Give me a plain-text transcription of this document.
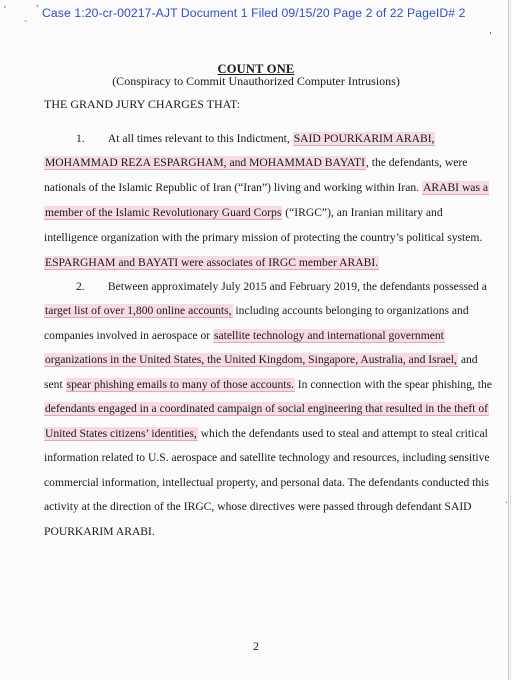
'	’
`	,
·
Case 1:20-cr-00217-AJT Document 1 Filed 09/15/20 Page 2 of 22 PageID# 2
COUNT ONE
(Conspiracy to Commit Unauthorized Computer Intrusions)
THE GRAND JURY CHARGES THAT:
1.        At all times relevant to this Indictment, SAID POURKARIM ARABI,
MOHAMMAD REZA ESPARGHAM, and MOHAMMAD BAYATI, the defendants, were
nationals of the Islamic Republic of Iran (“Iran”) living and working within Iran. ARABI was a
member of the Islamic Revolutionary Guard Corps (“IRGC”), an Iranian military and
intelligence organization with the primary mission of protecting the country’s political system.
ESPARGHAM and BAYATI were associates of IRGC member ARABI.
2.        Between approximately July 2015 and February 2019, the defendants possessed a
target list of over 1,800 online accounts, including accounts belonging to organizations and
companies involved in aerospace or satellite technology and international government
organizations in the United States, the United Kingdom, Singapore, Australia, and Israel, and
sent spear phishing emails to many of those accounts. In connection with the spear phishing, the
defendants engaged in a coordinated campaign of social engineering that resulted in the theft of
United States citizens’ identities, which the defendants used to steal and attempt to steal critical
information related to U.S. aerospace and satellite technology and resources, including sensitive
commercial information, intellectual property, and personal data. The defendants conducted this
activity at the direction of the IRGC, whose directives were passed through defendant SAID
POURKARIM ARABI.
2
